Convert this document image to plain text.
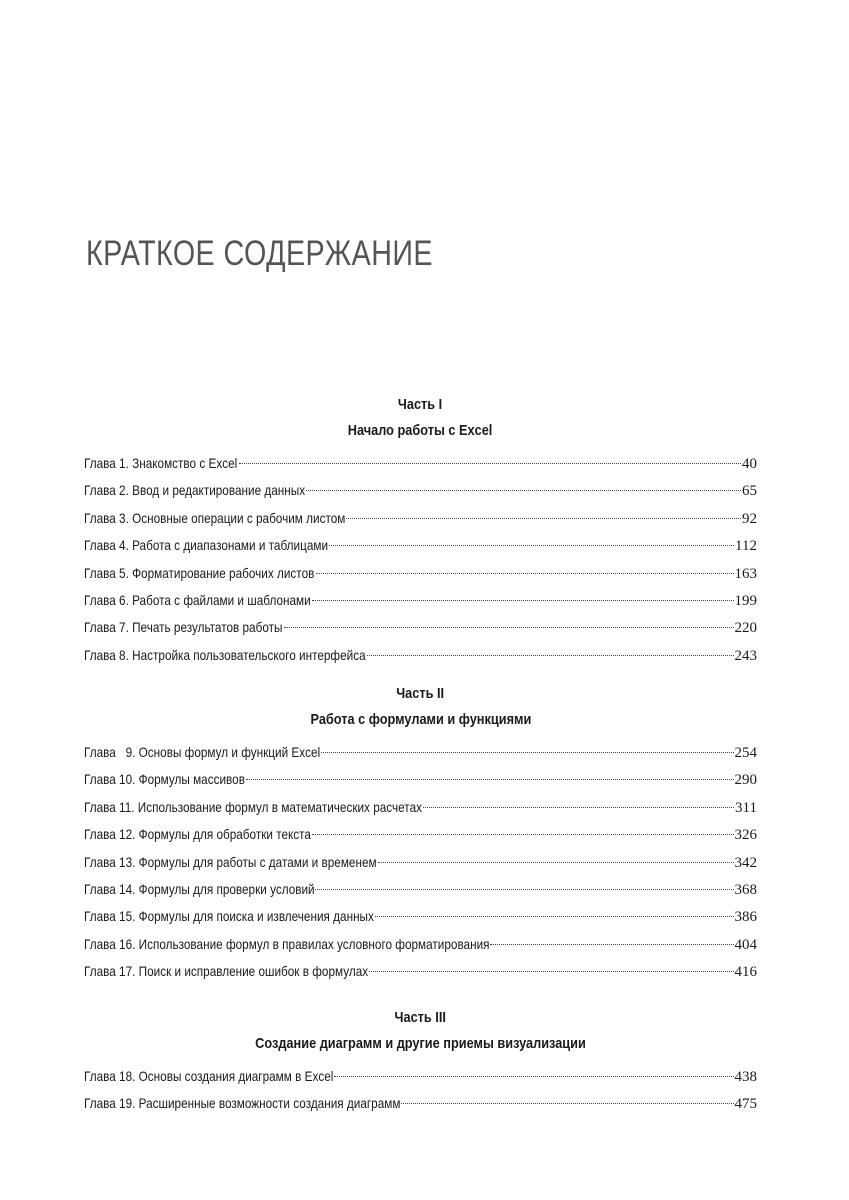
КРАТКОЕ СОДЕРЖАНИЕ
Часть I
Начало работы с Excel
Глава 1. Знакомство с Excel	40
Глава 2. Ввод и редактирование данных	65
Глава 3. Основные операции с рабочим листом	92
Глава 4. Работа с диапазонами и таблицами	112
Глава 5. Форматирование рабочих листов	163
Глава 6. Работа с файлами и шаблонами	199
Глава 7. Печать результатов работы	220
Глава 8. Настройка пользовательского интерфейса	243
Часть II
Работа с формулами и функциями
Глава   9. Основы формул и функций Excel	254
Глава 10. Формулы массивов	290
Глава 11. Использование формул в математических расчетах	311
Глава 12. Формулы для обработки текста	326
Глава 13. Формулы для работы с датами и временем	342
Глава 14. Формулы для проверки условий	368
Глава 15. Формулы для поиска и извлечения данных	386
Глава 16. Использование формул в правилах условного форматирования	404
Глава 17. Поиск и исправление ошибок в формулах	416
Часть III
Создание диаграмм и другие приемы визуализации
Глава 18. Основы создания диаграмм в Excel	438
Глава 19. Расширенные возможности создания диаграмм	475
